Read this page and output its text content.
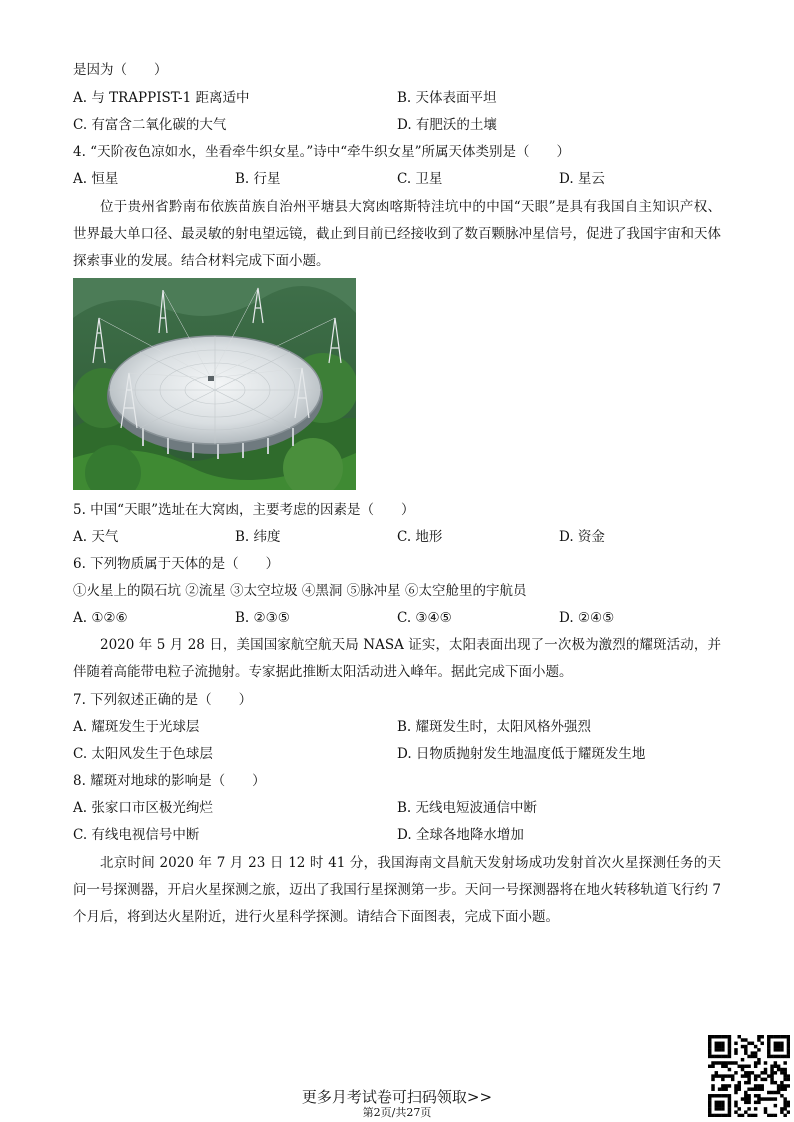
是因为（　　）
A. 与 TRAPPIST-1 距离适中	B. 天体表面平坦
C. 有富含二氧化碳的大气	D. 有肥沃的土壤
4. “天阶夜色凉如水，坐看牵牛织女星。”诗中“牵牛织女星”所属天体类别是（　　）
A. 恒星	B. 行星	C. 卫星	D. 星云
位于贵州省黔南布依族苗族自治州平塘县大窝凼喀斯特洼坑中的中国“天眼”是具有我国自主知识产权、世界最大单口径、最灵敏的射电望远镜，截止到目前已经接收到了数百颗脉冲星信号，促进了我国宇宙和天体探索事业的发展。结合材料完成下面小题。
5. 中国“天眼”选址在大窝凼，主要考虑的因素是（　　）
A. 天气	B. 纬度	C. 地形	D. 资金
6. 下列物质属于天体的是（　　）
①火星上的陨石坑 ②流星 ③太空垃圾 ④黑洞 ⑤脉冲星 ⑥太空舱里的宇航员
A. ①②⑥	B. ②③⑤	C. ③④⑤	D. ②④⑤
2020 年 5 月 28 日，美国国家航空航天局 NASA 证实，太阳表面出现了一次极为激烈的耀斑活动，并伴随着高能带电粒子流抛射。专家据此推断太阳活动进入峰年。据此完成下面小题。
7. 下列叙述正确的是（　　）
A. 耀斑发生于光球层	B. 耀斑发生时，太阳风格外强烈
C. 太阳风发生于色球层	D. 日物质抛射发生地温度低于耀斑发生地
8. 耀斑对地球的影响是（　　）
A. 张家口市区极光绚烂	B. 无线电短波通信中断
C. 有线电视信号中断	D. 全球各地降水增加
北京时间 2020 年 7 月 23 日 12 时 41 分，我国海南文昌航天发射场成功发射首次火星探测任务的天问一号探测器，开启火星探测之旅，迈出了我国行星探测第一步。天问一号探测器将在地火转移轨道飞行约 7 个月后，将到达火星附近，进行火星科学探测。请结合下面图表，完成下面小题。
更多月考试卷可扫码领取>>
第2页/共27页
